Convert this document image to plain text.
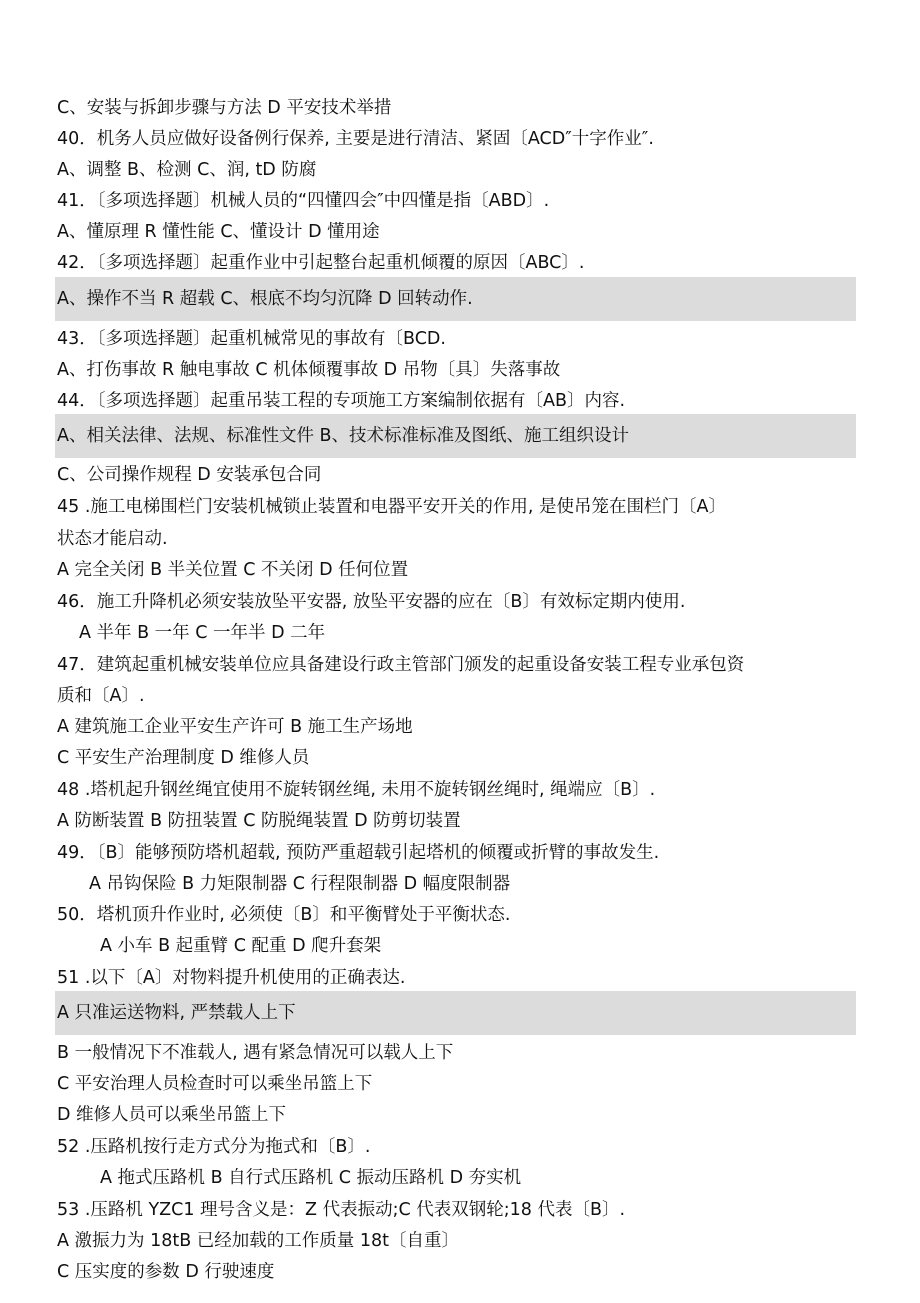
C、安装与拆卸步骤与方法 D 平安技术举措
40．机务人员应做好设备例行保养, 主要是进行清洁、紧固〔ACD″十字作业″.
A、调整 B、检测 C、润, tD 防腐
41．〔多项选择题〕机械人员的“四懂四会″中四懂是指〔ABD〕.
A、懂原理 R 懂性能 C、懂设计 D 懂用途
42．〔多项选择题〕起重作业中引起整台起重机倾覆的原因〔ABC〕.
A、操作不当 R 超载 C、根底不均匀沉降 D 回转动作.
43．〔多项选择题〕起重机械常见的事故有〔BCD.
A、打伤事故 R 触电事故 C 机体倾覆事故 D 吊物〔具〕失落事故
44．〔多项选择题〕起重吊装工程的专项施工方案编制依据有〔AB〕内容.
A、相关法律、法规、标准性文件 B、技术标准标准及图纸、施工组织设计
C、公司操作规程 D 安装承包合同
45 .施工电梯围栏门安装机械锁止装置和电器平安开关的作用, 是使吊笼在围栏门〔A〕
状态才能启动.
A 完全关闭 B 半关位置 C 不关闭 D 任何位置
46．施工升降机必须安装放坠平安器, 放坠平安器的应在〔B〕有效标定期内使用.
A 半年 B 一年 C 一年半 D 二年
47．建筑起重机械安装单位应具备建设行政主管部门颁发的起重设备安装工程专业承包资
质和〔A〕.
A 建筑施工企业平安生产许可 B 施工生产场地
C 平安生产治理制度 D 维修人员
48 .塔机起升钢丝绳宜使用不旋转钢丝绳, 未用不旋转钢丝绳时, 绳端应〔B〕.
A 防断装置 B 防扭装置 C 防脱绳装置 D 防剪切装置
49．〔B〕能够预防塔机超载, 预防严重超载引起塔机的倾覆或折臂的事故发生.
A 吊钩保险 B 力矩限制器 C 行程限制器 D 幅度限制器
50．塔机顶升作业时, 必须使〔B〕和平衡臂处于平衡状态.
A 小车 B 起重臂 C 配重 D 爬升套架
51 .以下〔A〕对物料提升机使用的正确表达.
A 只准运送物料, 严禁载人上下
B 一般情况下不准载人, 遇有紧急情况可以载人上下
C 平安治理人员检查时可以乘坐吊篮上下
D 维修人员可以乘坐吊篮上下
52 .压路机按行走方式分为拖式和〔B〕.
A 拖式压路机 B 自行式压路机 C 振动压路机 D 夯实机
53 .压路机 YZC1 理号含义是：Z 代表振动;C 代表双钢轮;18 代表〔B〕.
A 激振力为 18tB 已经加载的工作质量 18t〔自重〕
C 压实度的参数 D 行驶速度
